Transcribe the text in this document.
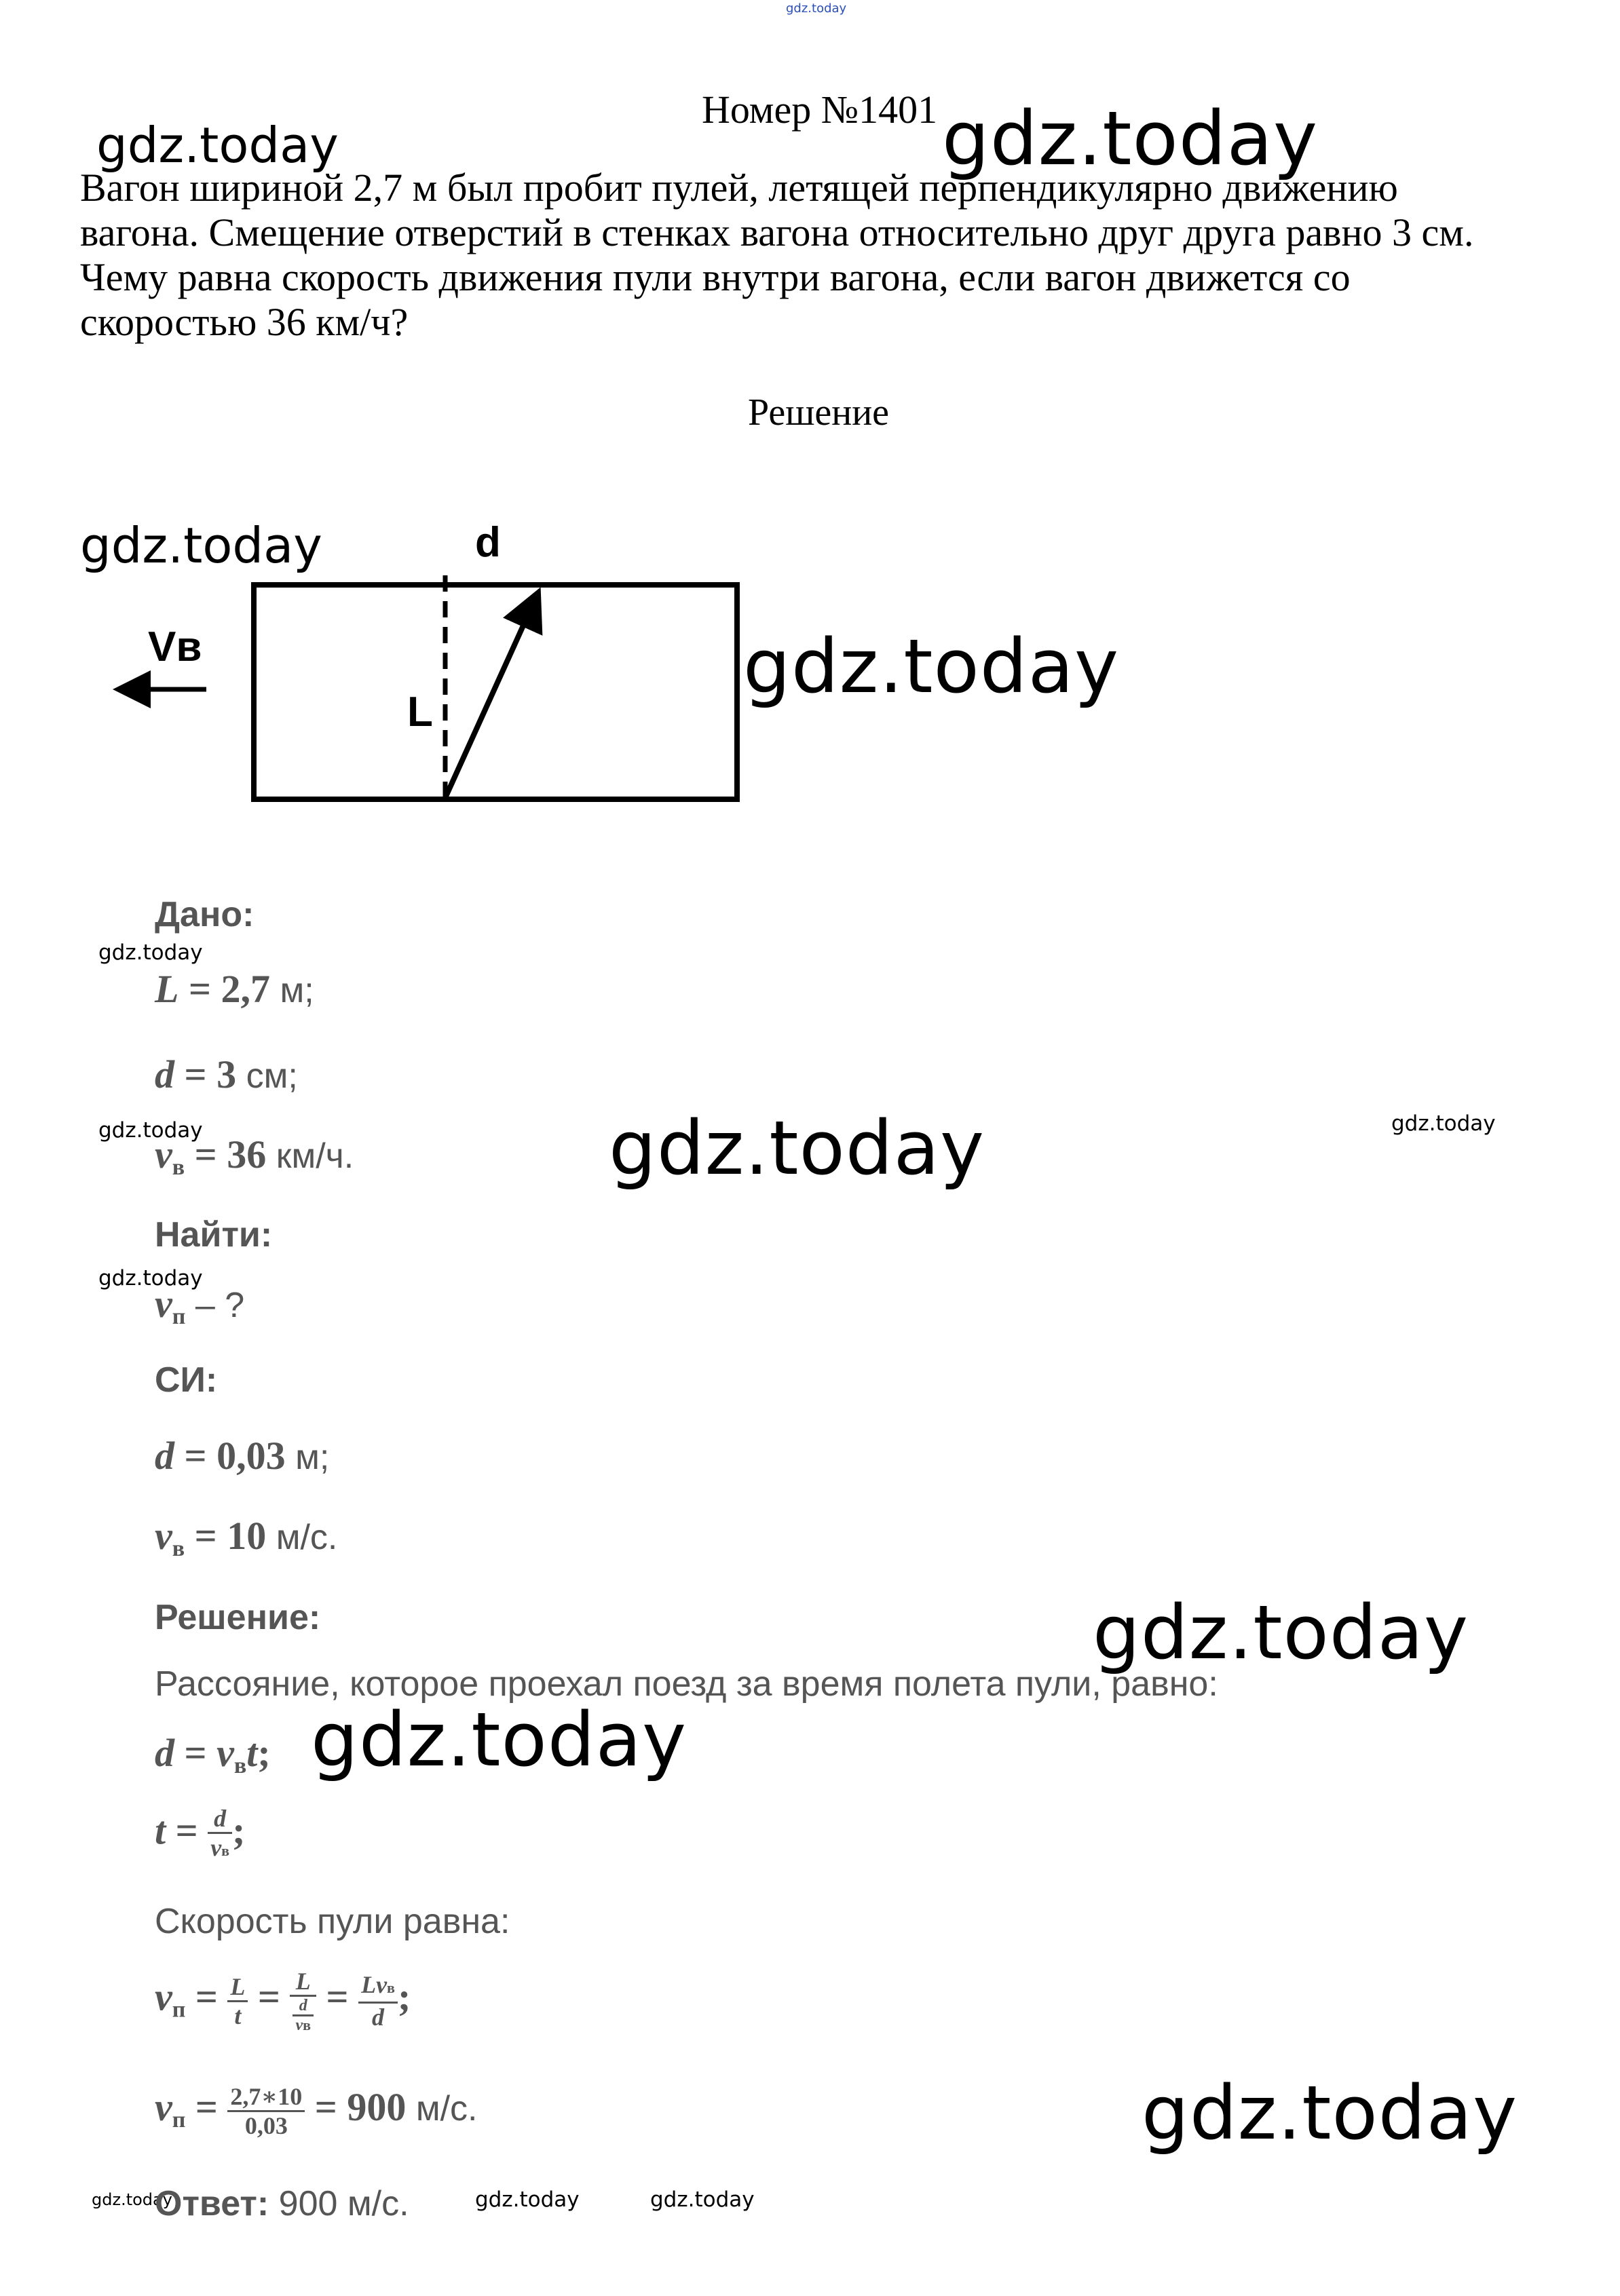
gdz.today
gdz.today	gdz.today
gdz.today
gdz.today
gdz.today
gdz.today	gdz.today	gdz.today
gdz.today
gdz.today
gdz.today
gdz.today
gdz.today	gdz.today	gdz.today
Номер №1401
Вагон шириной 2,7 м был пробит пулей, летящей перпендикулярно движению
вагона. Смещение отверстий в стенках вагона относительно друг друга равно 3 см.
Чему равна скорость движения пули внутри вагона, если вагон движется со
скоростью 36 км/ч?
Решение
d
L
Vв
Дано:
L = 2,7 м;
d = 3 см;
$v_в = 36$ км/ч.
Найти:
$v_п$ – ?
СИ:
d = 0,03 м;
$v_в = 10$ м/с.
Решение:
Рассояние, которое проехал поезд за время полета пули, равно:
$d = v_вt$;
$t = \frac{d}{vв}$ ;
Скорость пули равна:
$v_п = \frac{L}{t} = \frac{L}{\frac{d}{vв}} = \frac{\text{Lvв}}{d}$ ;
$v_п = \frac{2,7∗10}{0,03} = 900$ м/с.
Ответ: 900 м/с.
